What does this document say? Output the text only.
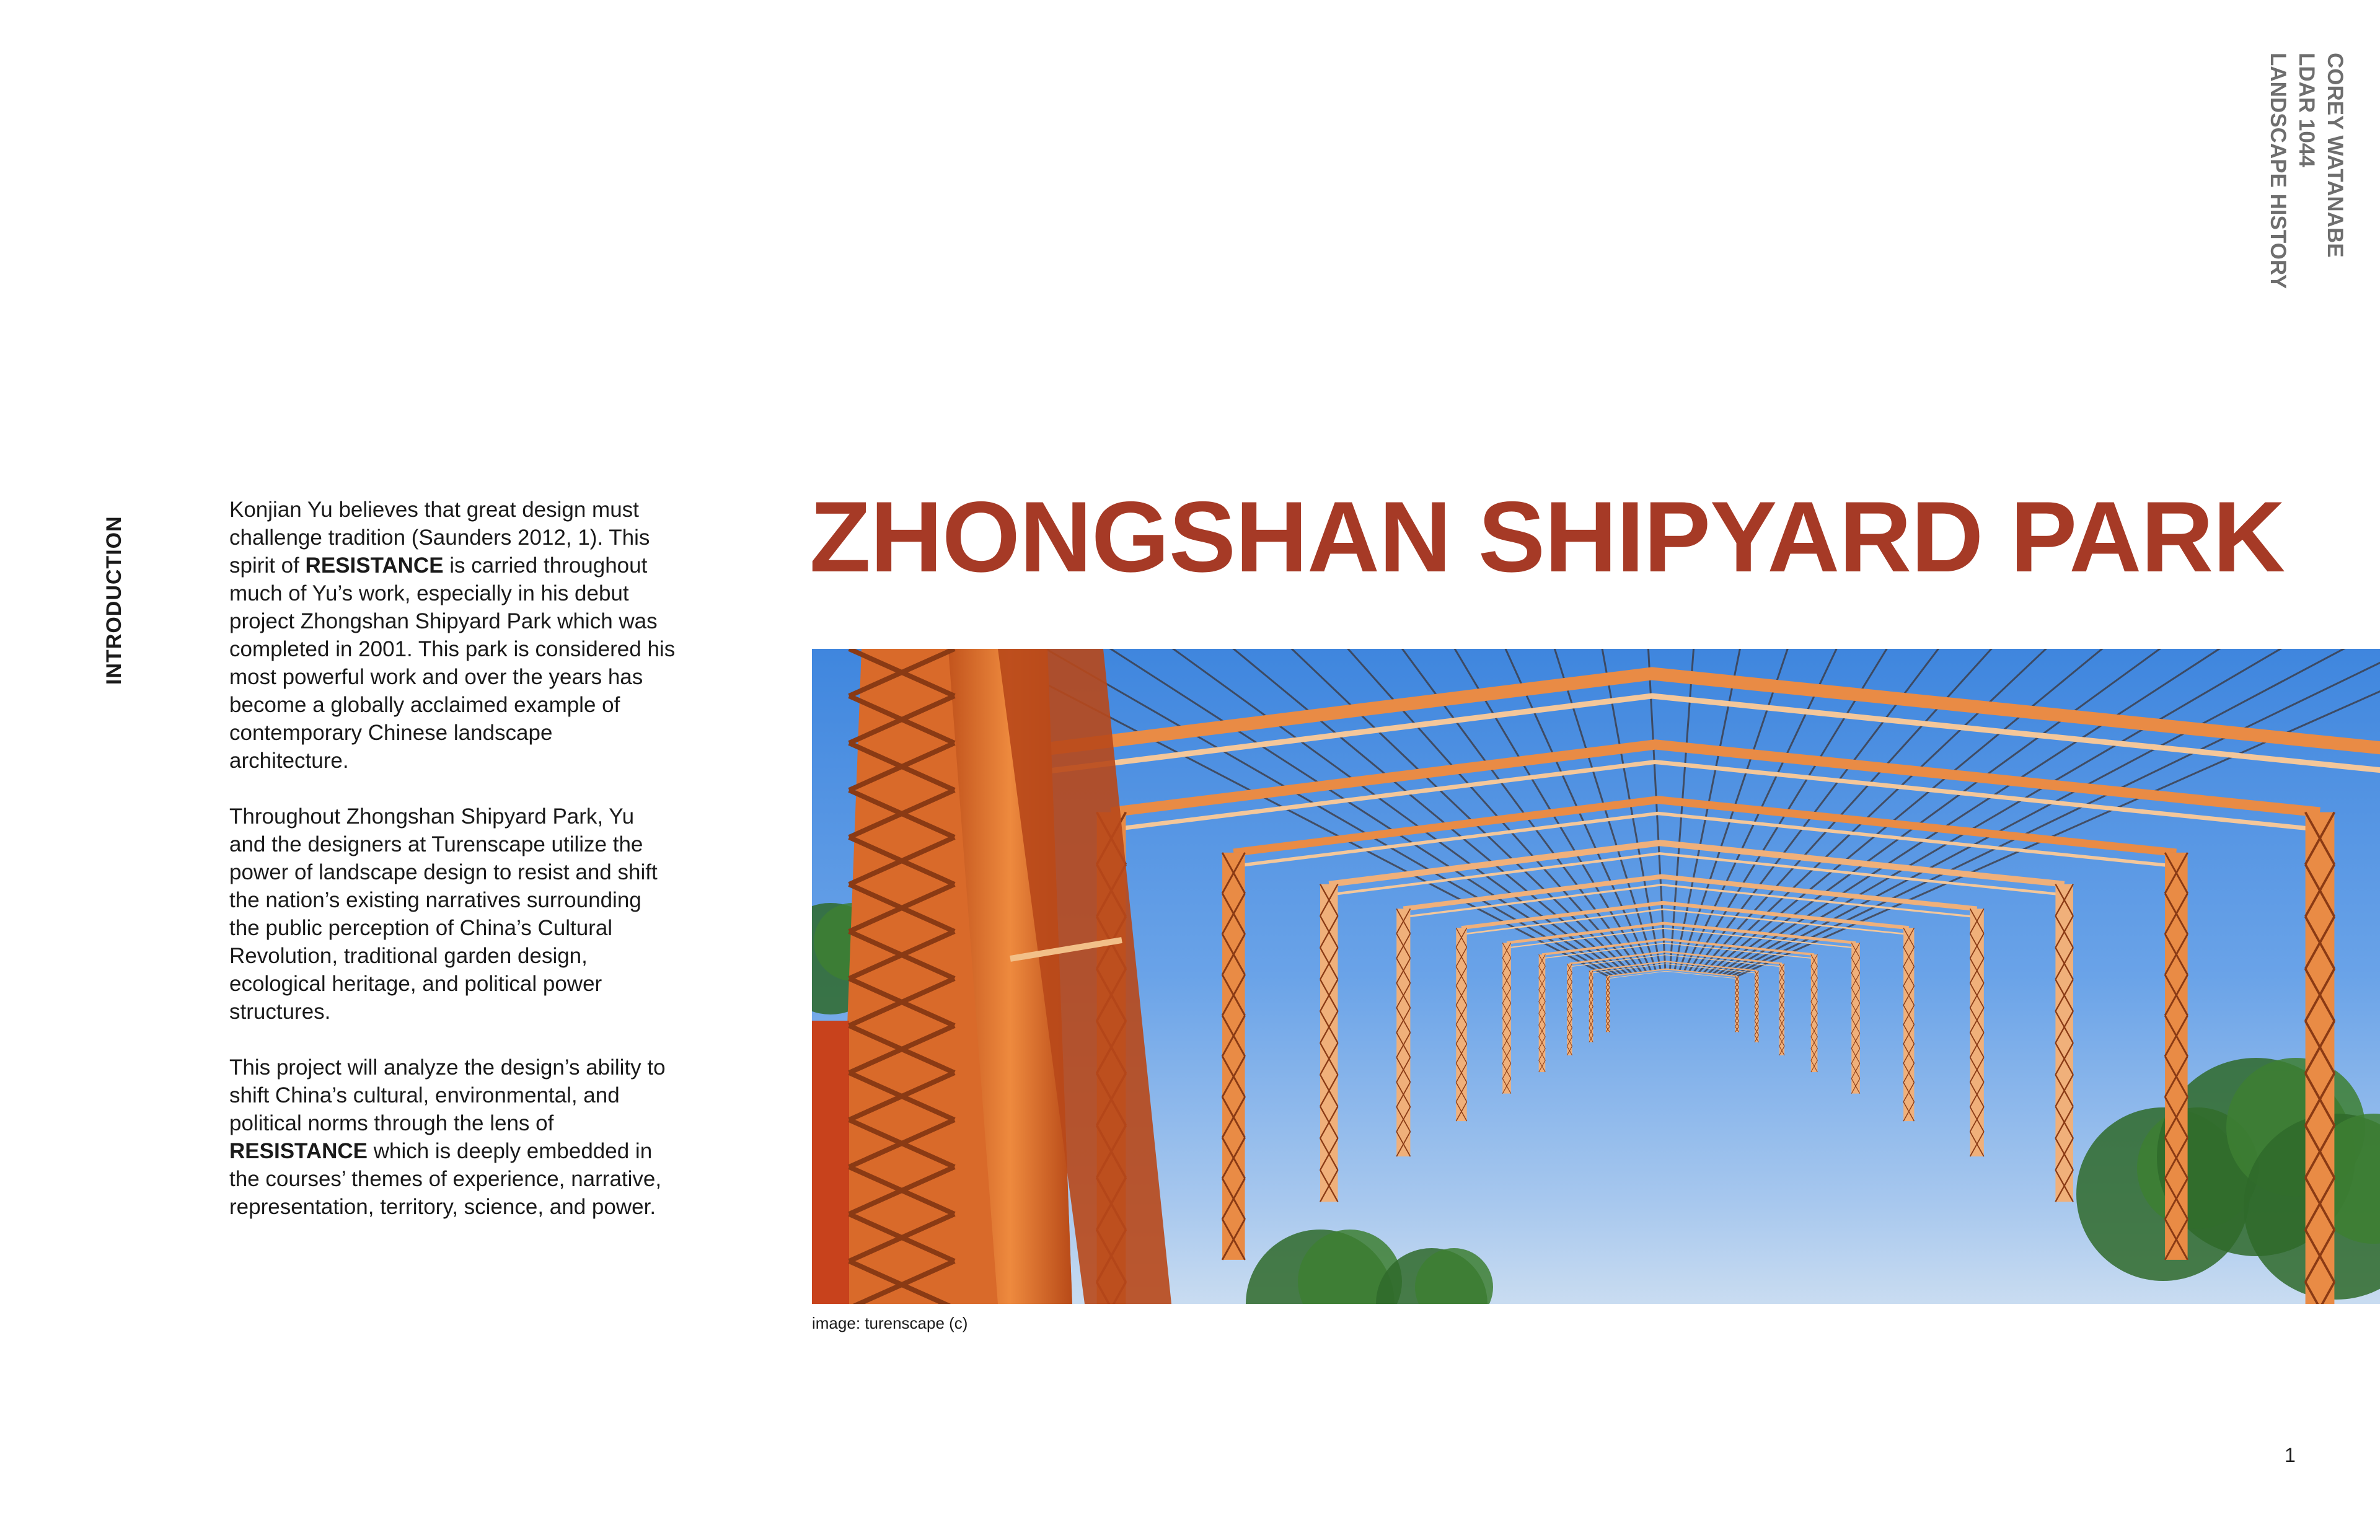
INTRODUCTION
COREY WATANABE
LDAR 1044
LANDSCAPE HISTORY

Konjian Yu believes that great design must challenge tradition (Saunders 2012, 1). This spirit of RESISTANCE is carried throughout much of Yu’s work, especially in his debut project Zhongshan Shipyard Park which was completed in 2001. This park is considered his most powerful work and over the years has become a globally acclaimed example of contemporary Chinese landscape architecture.

Throughout Zhongshan Shipyard Park, Yu and the designers at Turenscape utilize the power of landscape design to resist and shift the nation’s existing narratives surrounding the public perception of China’s Cultural Revolution, traditional garden design, ecological heritage, and political power structures.

This project will analyze the design’s ability to shift China’s cultural, environmental, and political norms through the lens of RESISTANCE which is deeply embedded in the courses’ themes of experience, narrative, representation, territory, science, and power.

ZHONGSHAN SHIPYARD PARK
image: turenscape (c)
1
